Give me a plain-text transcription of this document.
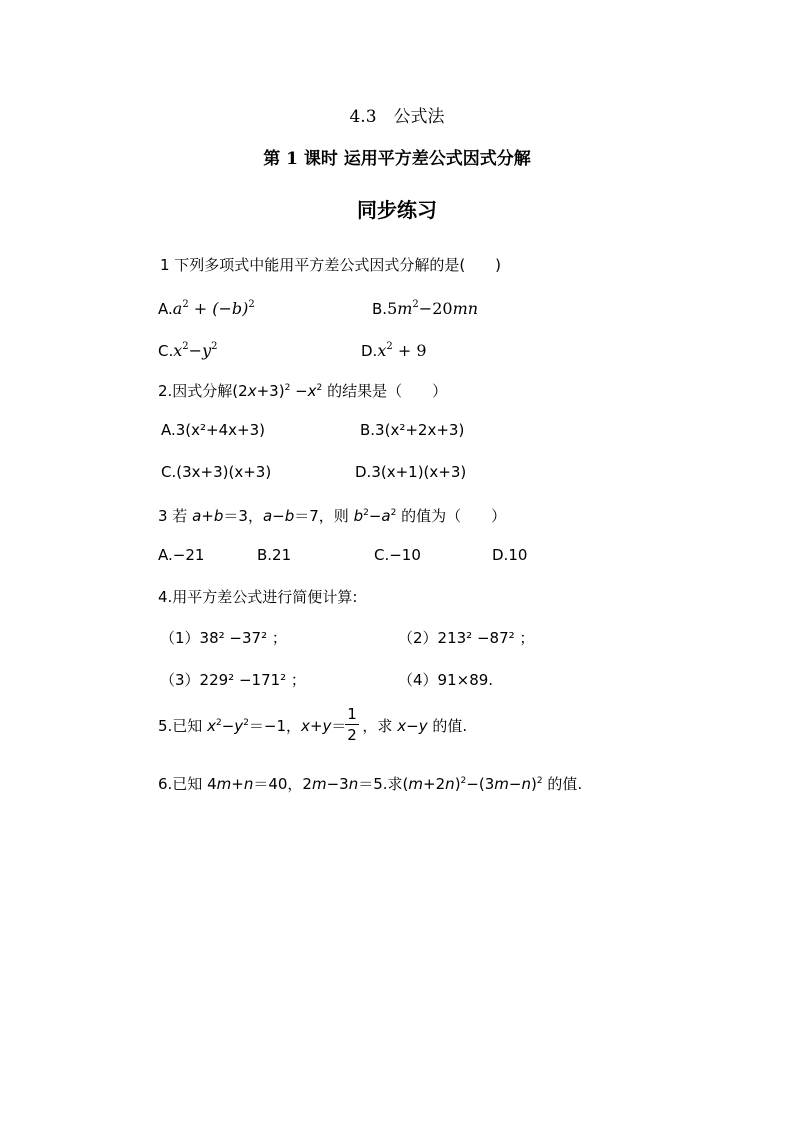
4.3　公式法
第 1 课时 运用平方差公式因式分解
同步练习
1 下列多项式中能用平方差公式因式分解的是(　　)
$A.a^2 + (-b)^2$	$B.5m^2-20mn$
$C.x^2-y^2$	$D.x^2 + 9$
2.因式分解$(2x+3)^2 -x^2$ 的结果是（　　）
A.3(x²+4x+3)	B.3(x²+2x+3)
C.(3x+3)(x+3)	D.3(x+1)(x+3)
3 若 a+b＝3，a−b＝7，则 $b^2-a^2$ 的值为（　　）
A.−21	B.21	C.−10	D.10
4.用平方差公式进行简便计算:
（1）38² −37² ；	（2）213² −87² ；
（3）229² −171² ；	（4）91×89.
5.已知 $x^2-y^2=-1$，x+y＝ ，求 x−y 的值.
1
2
6.已知 4m+n＝40，2m−3n＝5.求$(m+2n)^2-(3m-n)^2$ 的值.
